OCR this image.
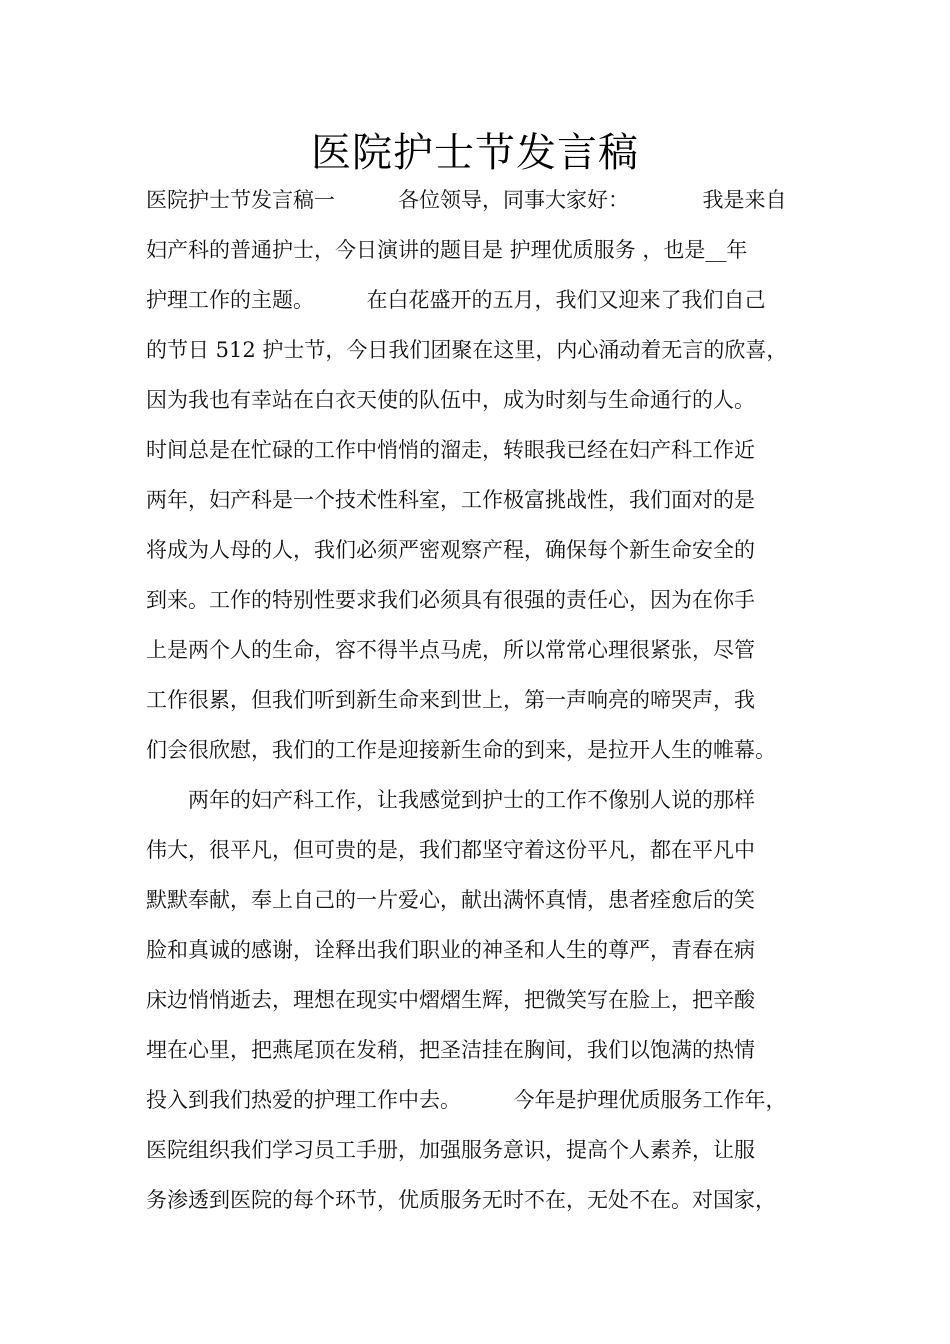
医院护士节发言稿
医院护士节发言稿一　　　各位领导，同事大家好：　　　　我是来自
妇产科的普通护士，今日演讲的题目是 护理优质服务 ，也是__年
护理工作的主题。　　　在白花盛开的五月，我们又迎来了我们自己
的节日 512 护士节，今日我们团聚在这里，内心涌动着无言的欣喜，
因为我也有幸站在白衣天使的队伍中，成为时刻与生命通行的人。
时间总是在忙碌的工作中悄悄的溜走，转眼我已经在妇产科工作近
两年，妇产科是一个技术性科室，工作极富挑战性，我们面对的是
将成为人母的人，我们必须严密观察产程，确保每个新生命安全的
到来。工作的特别性要求我们必须具有很强的责任心，因为在你手
上是两个人的生命，容不得半点马虎，所以常常心理很紧张，尽管
工作很累，但我们听到新生命来到世上，第一声响亮的啼哭声，我
们会很欣慰，我们的工作是迎接新生命的到来，是拉开人生的帷幕。
　　两年的妇产科工作，让我感觉到护士的工作不像别人说的那样
伟大，很平凡，但可贵的是，我们都坚守着这份平凡，都在平凡中
默默奉献，奉上自己的一片爱心，献出满怀真情，患者痊愈后的笑
脸和真诚的感谢，诠释出我们职业的神圣和人生的尊严，青春在病
床边悄悄逝去，理想在现实中熠熠生辉，把微笑写在脸上，把辛酸
埋在心里，把燕尾顶在发稍，把圣洁挂在胸间，我们以饱满的热情
投入到我们热爱的护理工作中去。　　　今年是护理优质服务工作年，
医院组织我们学习员工手册，加强服务意识，提高个人素养，让服
务渗透到医院的每个环节，优质服务无时不在，无处不在。对国家，
